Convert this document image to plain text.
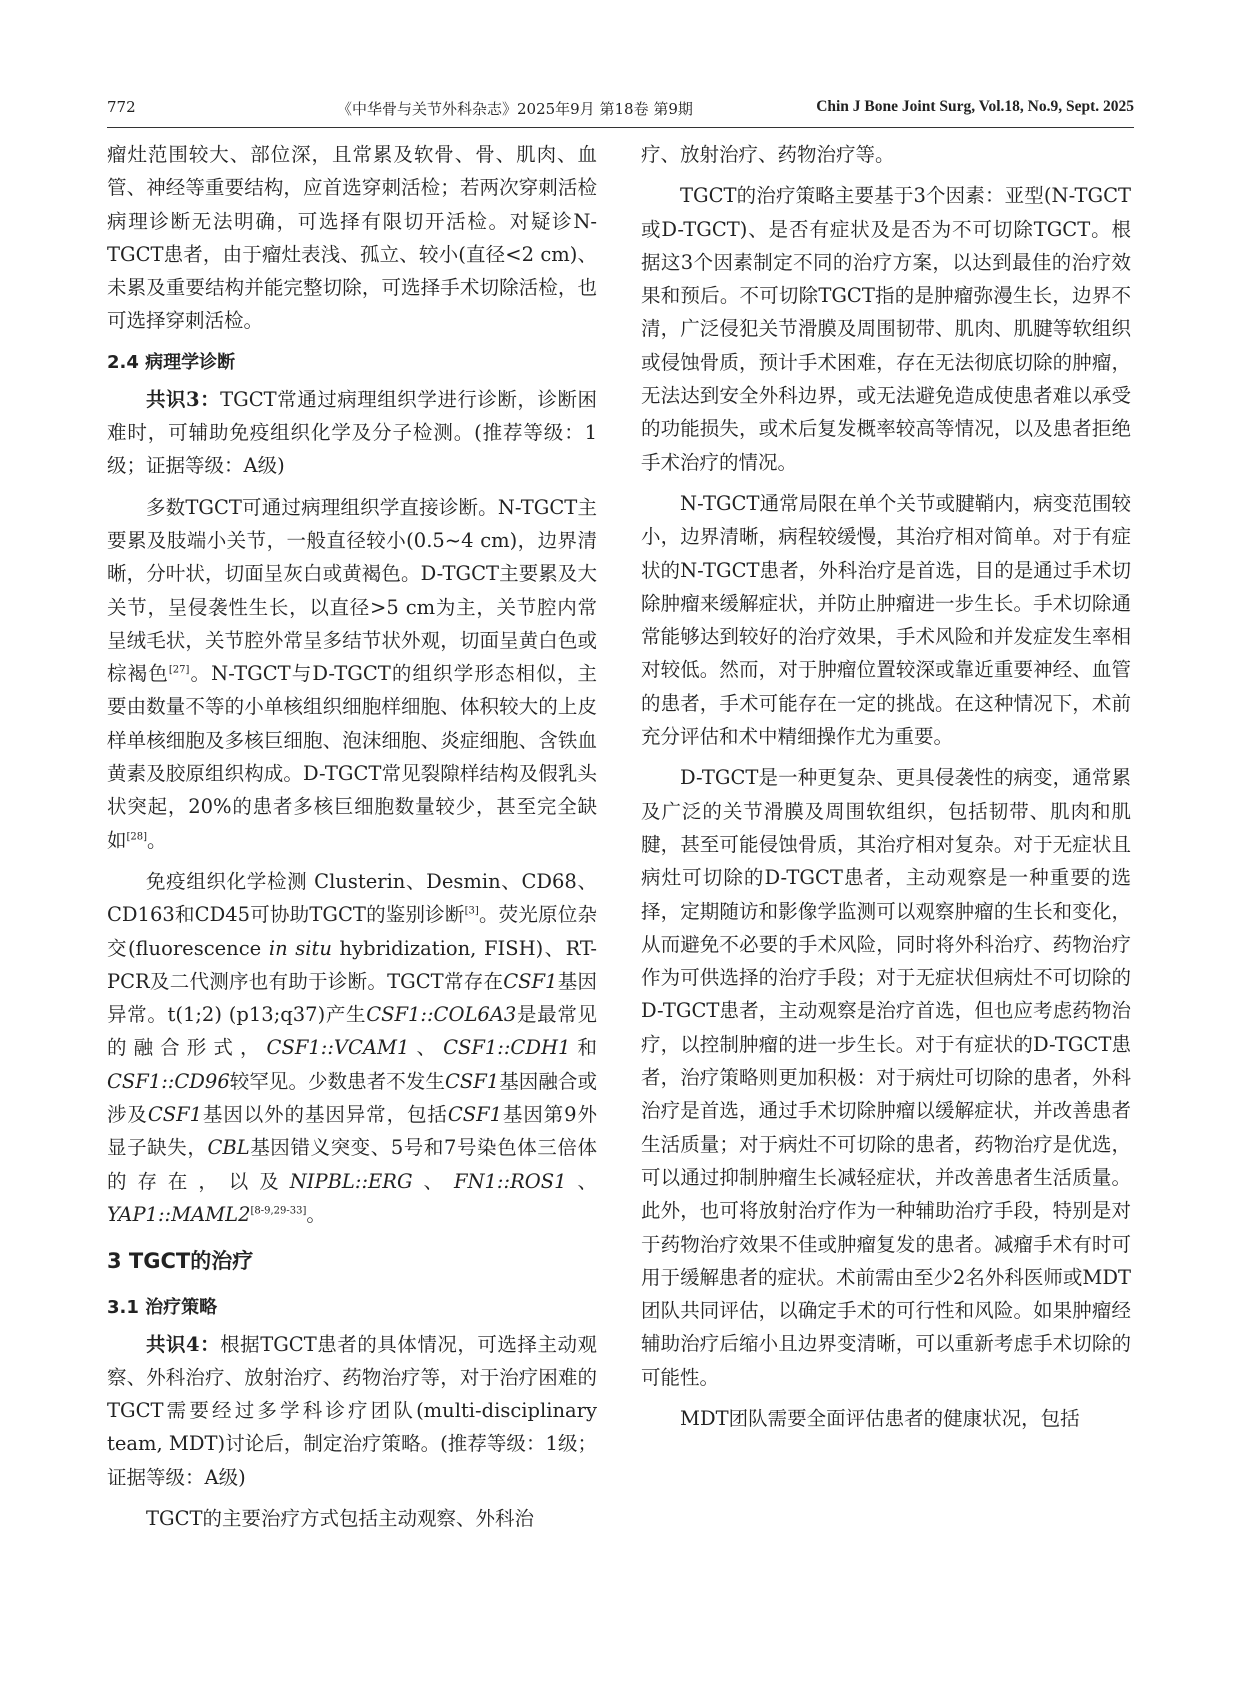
772	《中华骨与关节外科杂志》2025年9月 第18卷 第9期	Chin J Bone Joint Surg, Vol.18, No.9, Sept. 2025

瘤灶范围较大、部位深，且常累及软骨、骨、肌肉、血管、神经等重要结构，应首选穿刺活检；若两次穿刺活检病理诊断无法明确，可选择有限切开活检。对疑诊N-TGCT患者，由于瘤灶表浅、孤立、较小(直径<2 cm)、未累及重要结构并能完整切除，可选择手术切除活检，也可选择穿刺活检。

2.4 病理学诊断

共识3：TGCT常通过病理组织学进行诊断，诊断困难时，可辅助免疫组织化学及分子检测。(推荐等级：1级；证据等级：A级)

多数TGCT可通过病理组织学直接诊断。N-TGCT主要累及肢端小关节，一般直径较小(0.5~4 cm)，边界清晰，分叶状，切面呈灰白或黄褐色。D-TGCT主要累及大关节，呈侵袭性生长，以直径>5 cm为主，关节腔内常呈绒毛状，关节腔外常呈多结节状外观，切面呈黄白色或棕褐色[27]。N-TGCT与D-TGCT的组织学形态相似，主要由数量不等的小单核组织细胞样细胞、体积较大的上皮样单核细胞及多核巨细胞、泡沫细胞、炎症细胞、含铁血黄素及胶原组织构成。D-TGCT常见裂隙样结构及假乳头状突起，20%的患者多核巨细胞数量较少，甚至完全缺如[28]。

免疫组织化学检测 Clusterin、Desmin、CD68、CD163和CD45可协助TGCT的鉴别诊断[3]。荧光原位杂交(fluorescence in situ hybridization, FISH)、RT-PCR及二代测序也有助于诊断。TGCT常存在CSF1基因异常。t(1;2) (p13;q37)产生CSF1::COL6A3是最常见的融合形式，CSF1::VCAM1、CSF1::CDH1和CSF1::CD96较罕见。少数患者不发生CSF1基因融合或涉及CSF1基因以外的基因异常，包括CSF1基因第9外显子缺失，CBL基因错义突变、5号和7号染色体三倍体的存在，以及NIPBL::ERG、FN1::ROS1、YAP1::MAML2[8-9,29-33]。

3 TGCT的治疗
3.1 治疗策略

共识4：根据TGCT患者的具体情况，可选择主动观察、外科治疗、放射治疗、药物治疗等，对于治疗困难的TGCT需要经过多学科诊疗团队(multi-disciplinary team, MDT)讨论后，制定治疗策略。(推荐等级：1级；证据等级：A级)

TGCT的主要治疗方式包括主动观察、外科治

疗、放射治疗、药物治疗等。

TGCT的治疗策略主要基于3个因素：亚型(N-TGCT或D-TGCT)、是否有症状及是否为不可切除TGCT。根据这3个因素制定不同的治疗方案，以达到最佳的治疗效果和预后。不可切除TGCT指的是肿瘤弥漫生长，边界不清，广泛侵犯关节滑膜及周围韧带、肌肉、肌腱等软组织或侵蚀骨质，预计手术困难，存在无法彻底切除的肿瘤，无法达到安全外科边界，或无法避免造成使患者难以承受的功能损失，或术后复发概率较高等情况，以及患者拒绝手术治疗的情况。

N-TGCT通常局限在单个关节或腱鞘内，病变范围较小，边界清晰，病程较缓慢，其治疗相对简单。对于有症状的N-TGCT患者，外科治疗是首选，目的是通过手术切除肿瘤来缓解症状，并防止肿瘤进一步生长。手术切除通常能够达到较好的治疗效果，手术风险和并发症发生率相对较低。然而，对于肿瘤位置较深或靠近重要神经、血管的患者，手术可能存在一定的挑战。在这种情况下，术前充分评估和术中精细操作尤为重要。

D-TGCT是一种更复杂、更具侵袭性的病变，通常累及广泛的关节滑膜及周围软组织，包括韧带、肌肉和肌腱，甚至可能侵蚀骨质，其治疗相对复杂。对于无症状且病灶可切除的D-TGCT患者，主动观察是一种重要的选择，定期随访和影像学监测可以观察肿瘤的生长和变化，从而避免不必要的手术风险，同时将外科治疗、药物治疗作为可供选择的治疗手段；对于无症状但病灶不可切除的D-TGCT患者，主动观察是治疗首选，但也应考虑药物治疗，以控制肿瘤的进一步生长。对于有症状的D-TGCT患者，治疗策略则更加积极：对于病灶可切除的患者，外科治疗是首选，通过手术切除肿瘤以缓解症状，并改善患者生活质量；对于病灶不可切除的患者，药物治疗是优选，可以通过抑制肿瘤生长减轻症状，并改善患者生活质量。此外，也可将放射治疗作为一种辅助治疗手段，特别是对于药物治疗效果不佳或肿瘤复发的患者。减瘤手术有时可用于缓解患者的症状。术前需由至少2名外科医师或MDT团队共同评估，以确定手术的可行性和风险。如果肿瘤经辅助治疗后缩小且边界变清晰，可以重新考虑手术切除的可能性。

MDT团队需要全面评估患者的健康状况，包括
